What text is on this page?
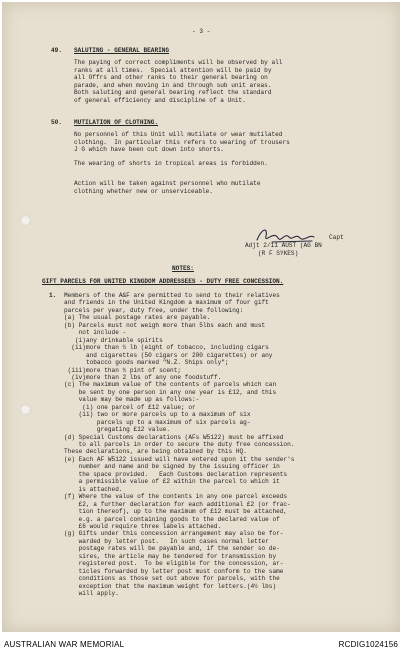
- 3 -
49. SALUTING - GENERAL BEARING
The paying of correct compliments will be observed by all
ranks at all times.  Special attention will be paid by
all Offrs and other ranks to their general bearing on
parade, and when moving in and through sub unit areas.
Both saluting and general bearing reflect the standard
of general efficiency and discipline of a Unit.
50. MUTILATION OF CLOTHING.
No personnel of this Unit will mutilate or wear mutilated
clothing.  In particular this refers to wearing of trousers
J G which have been cut down into shorts.
The wearing of shorts in tropical areas is forbidden.
Action will be taken against personnel who mutilate
clothing whether new or unserviceable.
Capt
Adjt 2/11 AUST (AG BN
(R F SYKES)
NOTES:
GIFT PARCELS FOR UNITED KINGDOM ADDRESSEES - DUTY FREE CONCESSION.
1. Members of the A&F are permitted to send to their relatives
and friends in the United Kingdom a maximum of four gift
parcels per year, duty free, under the following:
(a) The usual postage rates are payable.
(b) Parcels must not weigh more than 5lbs each and must
not include -
(i)any drinkable spirits
(ii)more than ½ lb (eight of tobacco, including cigars
and cigarettes (50 cigars or 200 cigarettes) or any
tobacco goods marked "N.Z. Ships only";
(iii)more than ½ pint of scent;
(iv)more than 2 lbs of any one foodstuff.
(c) The maximum value of the contents of parcels which can
be sent by one person in any one year is £12, and this
value may be made up as follows:-
(i) one parcel of £12 value; or
(ii) two or more parcels up to a maximum of six
parcels up to a maximum of six parcels ag-
gregating £12 value.
(d) Special Customs declarations (AFs W5122) must be affixed
to all parcels in order to secure the duty free concession.
These declarations, are being obtained by this HQ.
(e) Each AF W5122 issued will have entered upon it the sender's
number and name and be signed by the issuing officer in
the space provided.   Each Customs declaration represents
a permissible value of £2 within the parcel to which it
is attached.
(f) Where the value of the contents in any one parcel exceeds
£2, a further declaration for each additional £2 (or frac-
tion thereof), up to the maximum of £12 must be attached,
e.g. a parcel containing goods to the declared value of
£6 would require three labels attached.
(g) Gifts under this concession arrangement may also be for-
warded by letter post.   In such cases normal letter
postage rates will be payable and, if the sender so de-
sires, the article may be tendered for transmission by
registered post.  To be eligible for the concession, ar-
ticles forwarded by letter post must conform to the same
conditions as those set out above for parcels, with the
exception that the maximum weight for letters.(4½ lbs)
will apply.
AUSTRALIAN WAR MEMORIAL	RCDIG1024156
